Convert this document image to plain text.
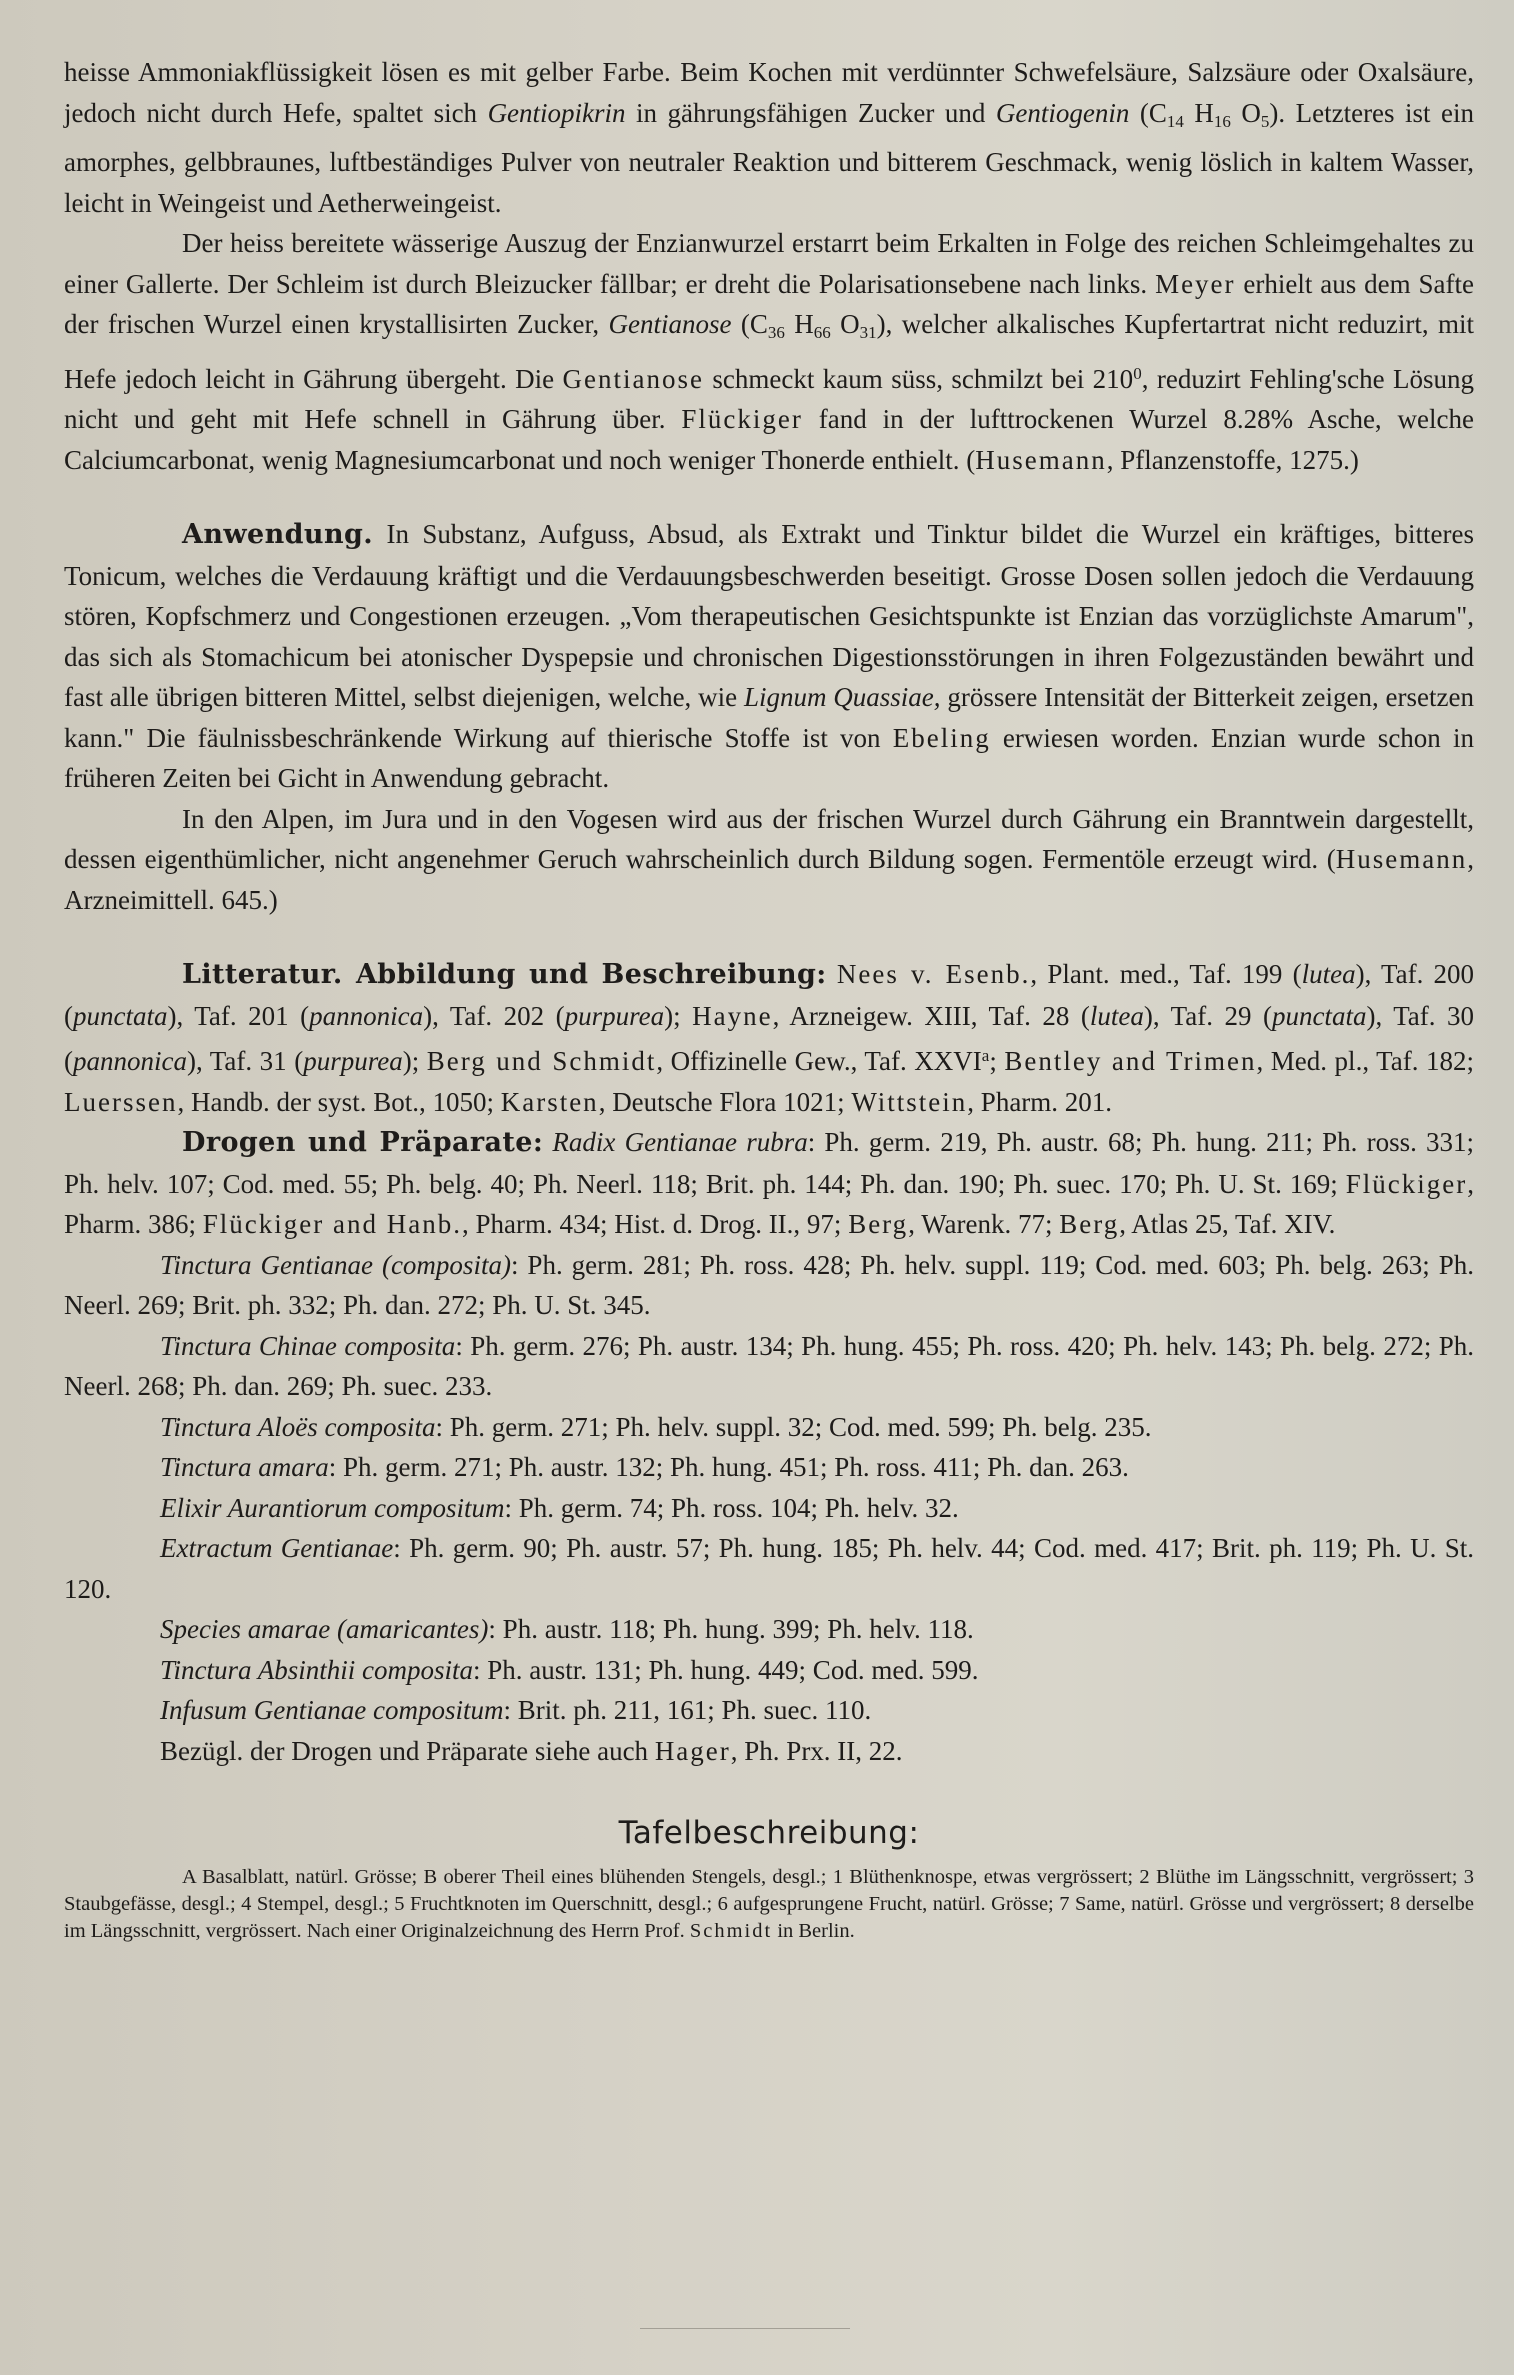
heisse Ammoniakflüssigkeit lösen es mit gelber Farbe. Beim Kochen mit verdünnter Schwefelsäure, Salzsäure oder Oxalsäure, jedoch nicht durch Hefe, spaltet sich Gentiopikrin in gährungsfähigen Zucker und Gentiogenin ($C_{14}$ $H_{16}$ $O_5$). Letzteres ist ein amorphes, gelbbraunes, luftbeständiges Pulver von neutraler Reaktion und bitterem Geschmack, wenig löslich in kaltem Wasser, leicht in Weingeist und Aetherweingeist.

Der heiss bereitete wässerige Auszug der Enzianwurzel erstarrt beim Erkalten in Folge des reichen Schleimgehaltes zu einer Gallerte. Der Schleim ist durch Bleizucker fällbar; er dreht die Polarisationsebene nach links. Meyer erhielt aus dem Safte der frischen Wurzel einen krystallisirten Zucker, Gentianose ($C_{36}$ $H_{66}$ $O_{31}$), welcher alkalisches Kupfertartrat nicht reduzirt, mit Hefe jedoch leicht in Gährung übergeht. Die Gentianose schmeckt kaum süss, schmilzt bei $210^0$, reduzirt Fehling'sche Lösung nicht und geht mit Hefe schnell in Gährung über. Flückiger fand in der lufttrockenen Wurzel 8.28% Asche, welche Calciumcarbonat, wenig Magnesiumcarbonat und noch weniger Thonerde enthielt. (Husemann, Pflanzenstoffe, 1275.)

Anwendung. In Substanz, Aufguss, Absud, als Extrakt und Tinktur bildet die Wurzel ein kräftiges, bitteres Tonicum, welches die Verdauung kräftigt und die Verdauungsbeschwerden beseitigt. Grosse Dosen sollen jedoch die Verdauung stören, Kopfschmerz und Congestionen erzeugen. „Vom therapeutischen Gesichtspunkte ist Enzian das vorzüglichste Amarum", das sich als Stomachicum bei atonischer Dyspepsie und chronischen Digestionsstörungen in ihren Folgezuständen bewährt und fast alle übrigen bitteren Mittel, selbst diejenigen, welche, wie Lignum Quassiae, grössere Intensität der Bitterkeit zeigen, ersetzen kann." Die fäulnissbeschränkende Wirkung auf thierische Stoffe ist von Ebeling erwiesen worden. Enzian wurde schon in früheren Zeiten bei Gicht in Anwendung gebracht.

In den Alpen, im Jura und in den Vogesen wird aus der frischen Wurzel durch Gährung ein Branntwein dargestellt, dessen eigenthümlicher, nicht angenehmer Geruch wahrscheinlich durch Bildung sogen. Fermentöle erzeugt wird. (Husemann, Arzneimittell. 645.)

Litteratur. Abbildung und Beschreibung: Nees v. Esenb., Plant. med., Taf. 199 (lutea), Taf. 200 (punctata), Taf. 201 (pannonica), Taf. 202 (purpurea); Hayne, Arzneigew. XIII, Taf. 28 (lutea), Taf. 29 (punctata), Taf. 30 (pannonica), Taf. 31 (purpurea); Berg und Schmidt, Offizinelle Gew., Taf. XXVI$^a$; Bentley and Trimen, Med. pl., Taf. 182; Luerssen, Handb. der syst. Bot., 1050; Karsten, Deutsche Flora 1021; Wittstein, Pharm. 201.

Drogen und Präparate: Radix Gentianae rubra: Ph. germ. 219, Ph. austr. 68; Ph. hung. 211; Ph. ross. 331; Ph. helv. 107; Cod. med. 55; Ph. belg. 40; Ph. Neerl. 118; Brit. ph. 144; Ph. dan. 190; Ph. suec. 170; Ph. U. St. 169; Flückiger, Pharm. 386; Flückiger and Hanb., Pharm. 434; Hist. d. Drog. II., 97; Berg, Warenk. 77; Berg, Atlas 25, Taf. XIV.

Tinctura Gentianae (composita): Ph. germ. 281; Ph. ross. 428; Ph. helv. suppl. 119; Cod. med. 603; Ph. belg. 263; Ph. Neerl. 269; Brit. ph. 332; Ph. dan. 272; Ph. U. St. 345.

Tinctura Chinae composita: Ph. germ. 276; Ph. austr. 134; Ph. hung. 455; Ph. ross. 420; Ph. helv. 143; Ph. belg. 272; Ph. Neerl. 268; Ph. dan. 269; Ph. suec. 233.

Tinctura Aloës composita: Ph. germ. 271; Ph. helv. suppl. 32; Cod. med. 599; Ph. belg. 235.

Tinctura amara: Ph. germ. 271; Ph. austr. 132; Ph. hung. 451; Ph. ross. 411; Ph. dan. 263.

Elixir Aurantiorum compositum: Ph. germ. 74; Ph. ross. 104; Ph. helv. 32.

Extractum Gentianae: Ph. germ. 90; Ph. austr. 57; Ph. hung. 185; Ph. helv. 44; Cod. med. 417; Brit. ph. 119; Ph. U. St. 120.

Species amarae (amaricantes): Ph. austr. 118; Ph. hung. 399; Ph. helv. 118.

Tinctura Absinthii composita: Ph. austr. 131; Ph. hung. 449; Cod. med. 599.

Infusum Gentianae compositum: Brit. ph. 211, 161; Ph. suec. 110.

Bezügl. der Drogen und Präparate siehe auch Hager, Ph. Prx. II, 22.

Tafelbeschreibung:

A Basalblatt, natürl. Grösse; B oberer Theil eines blühenden Stengels, desgl.; 1 Blüthenknospe, etwas vergrössert; 2 Blüthe im Längsschnitt, vergrössert; 3 Staubgefässe, desgl.; 4 Stempel, desgl.; 5 Fruchtknoten im Querschnitt, desgl.; 6 aufgesprungene Frucht, natürl. Grösse; 7 Same, natürl. Grösse und vergrössert; 8 derselbe im Längsschnitt, vergrössert. Nach einer Originalzeichnung des Herrn Prof. Schmidt in Berlin.
